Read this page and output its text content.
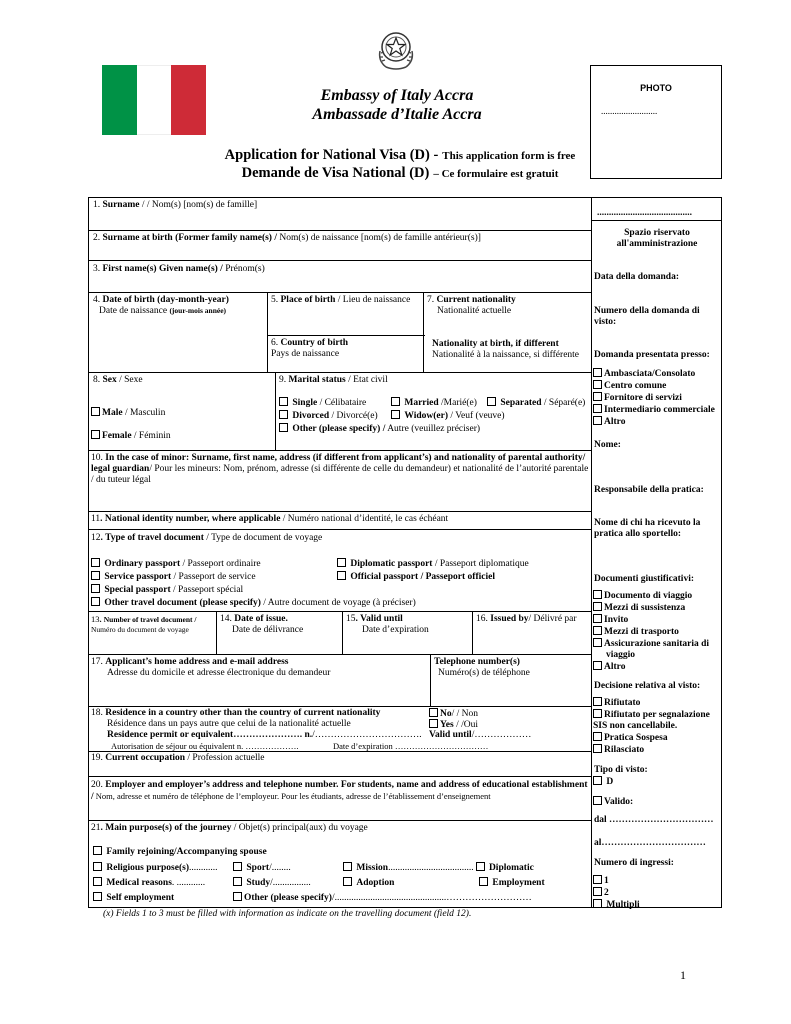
Embassy of Italy Accra
Ambassade d’Italie Accra
Application for National Visa (D) - This application form is free
Demande de Visa National (D) – Ce formulaire est gratuit
PHOTO
.........................
1. Surname / / Nom(s) [nom(s) de famille]
2. Surname at birth (Former family name(s) / Nom(s) de naissance [nom(s) de famille antérieur(s)]
3. First name(s) Given name(s) / Prénom(s)
4. Date of birth (day-month-year)
Date de naissance (jour-mois année)
5. Place of birth / Lieu de naissance
6. Country of birth
Pays de naissance
7. Current nationality
Nationalité actuelle
Nationality at birth, if different
Nationalité à la naissance, si différente
8. Sex / Sexe
Male / Masculin
Female / Féminin
9. Marital status / Etat civil
Single / Célibataire	Married /Marié(e)	Separated / Séparé(e)
Divorced / Divorcé(e)	Widow(er) / Veuf (veuve)
Other (please specify) / Autre (veuillez préciser)
10. In the case of minor: Surname, first name, address (if different from applicant’s) and nationality of parental authority/ legal guardian/ Pour les mineurs: Nom, prénom, adresse (si différente de celle du demandeur) et nationalité de l’autorité parentale / du tuteur légal
11. National identity number, where applicable / Numéro national d’identité, le cas échéant
12. Type of travel document / Type de document de voyage
Ordinary passport / Passeport ordinaire	Diplomatic passport / Passeport diplomatique
Service passport / Passeport de service	Official passport / Passeport officiel
Special passport / Passeport spécial
Other travel document (please specify) / Autre document de voyage (à préciser)
13. Number of travel document /
Numéro du document de voyage
14. Date of issue.
Date de délivrance
15. Valid until
Date d’expiration
16. Issued by/ Délivré par
17. Applicant’s home address and e-mail address
Adresse du domicile et adresse électronique du demandeur
Telephone number(s)
Numéro(s) de téléphone
18. Residence in a country other than the country of current nationality
Résidence dans un pays autre que celui de la nationalité actuelle
No/ / Non
Yes / /Oui
Residence permit or equivalent…………………. n./……………………………. Valid until/………………
Autorisation de séjour ou équivalent n. ……………….	Date d’expiration ……………………………
19. Current occupation / Profession actuelle
20. Employer and employer’s address and telephone number. For students, name and address of educational establishment / Nom, adresse et numéro de téléphone de l’employeur. Pour les étudiants, adresse de l’établissement d’enseignement
21. Main purpose(s) of the journey / Objet(s) principal(aux) du voyage
Family rejoining/Accompanying spouse
Religious purpose(s)............	Sport/........	Mission.................................... Diplomatic
Medical reasons. ............	Study/................	Adoption	Employment
Self employment	Other (please specify)/...............................................………………………
........................................
Spazio riservato all'amministrazione
Data della domanda:
Numero della domanda di visto:
Domanda presentata presso:
Ambasciata/Consolato
Centro comune
Fornitore di servizi
Intermediario commerciale
Altro
Nome:
Responsabile della pratica:
Nome di chi ha ricevuto la pratica allo sportello:
Documenti giustificativi:
Documento di viaggio
Mezzi di sussistenza
Invito
Mezzi di trasporto
Assicurazione sanitaria di viaggio
Altro
Decisione relativa al visto:
Rifiutato
Rifiutato per segnalazione
SIS non cancellabile.
Pratica Sospesa
Rilasciato
Tipo di visto:
D
Valido:
dal ……………………………
al……………………………
Numero di ingressi:
1
2
Multipli
(x) Fields 1 to 3 must be filled with information as indicate on the travelling document (field 12).
1
